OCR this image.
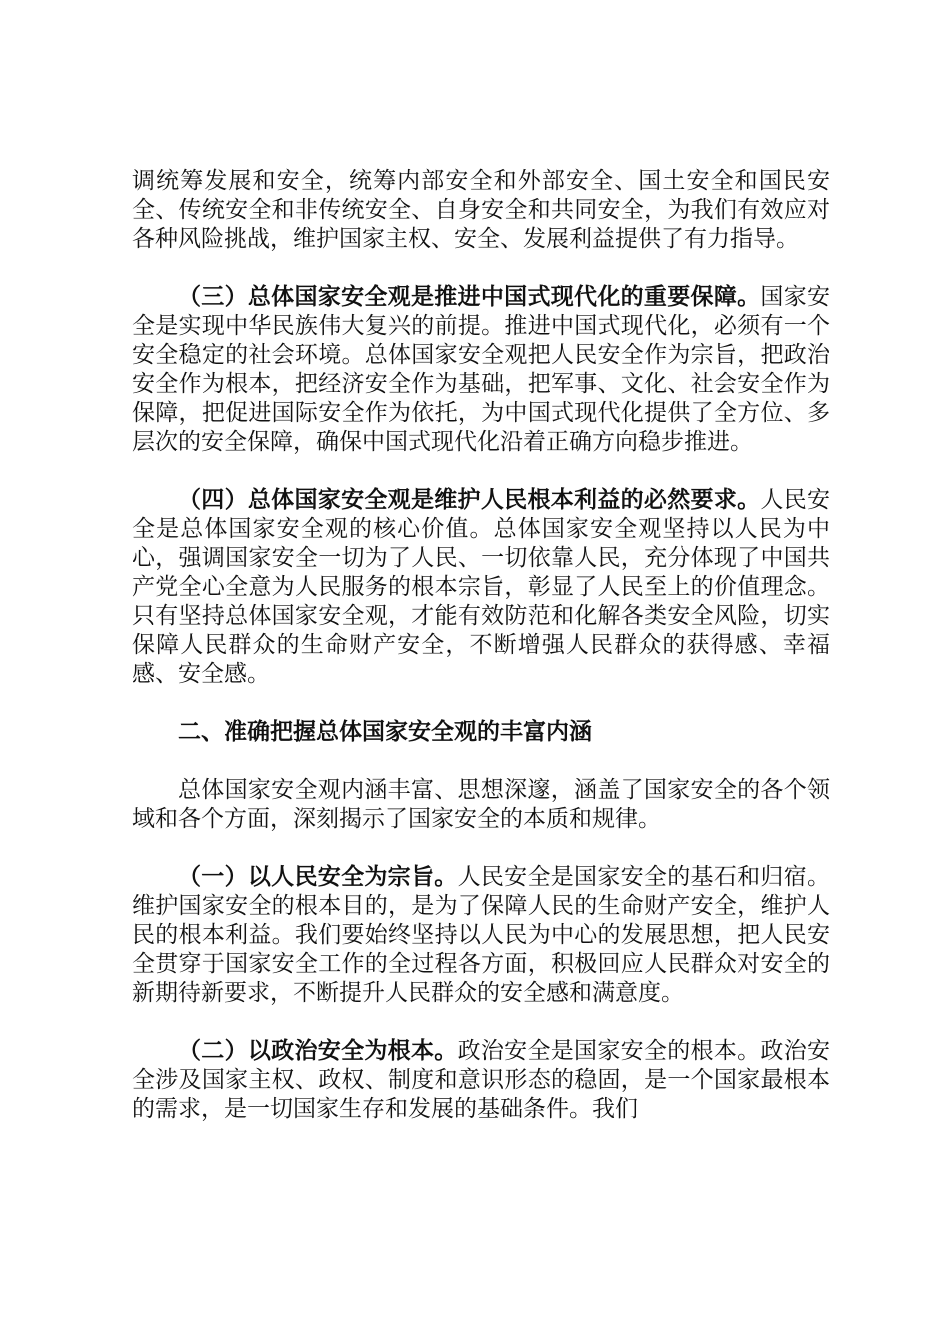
调统筹发展和安全，统筹内部安全和外部安全、国土安全和国民安全、传统安全和非传统安全、自身安全和共同安全，为我们有效应对各种风险挑战，维护国家主权、安全、发展利益提供了有力指导。

（三）总体国家安全观是推进中国式现代化的重要保障。国家安全是实现中华民族伟大复兴的前提。推进中国式现代化，必须有一个安全稳定的社会环境。总体国家安全观把人民安全作为宗旨，把政治安全作为根本，把经济安全作为基础，把军事、文化、社会安全作为保障，把促进国际安全作为依托，为中国式现代化提供了全方位、多层次的安全保障，确保中国式现代化沿着正确方向稳步推进。

（四）总体国家安全观是维护人民根本利益的必然要求。人民安全是总体国家安全观的核心价值。总体国家安全观坚持以人民为中心，强调国家安全一切为了人民、一切依靠人民，充分体现了中国共产党全心全意为人民服务的根本宗旨，彰显了人民至上的价值理念。只有坚持总体国家安全观，才能有效防范和化解各类安全风险，切实保障人民群众的生命财产安全，不断增强人民群众的获得感、幸福感、安全感。

二、准确把握总体国家安全观的丰富内涵

总体国家安全观内涵丰富、思想深邃，涵盖了国家安全的各个领域和各个方面，深刻揭示了国家安全的本质和规律。

（一）以人民安全为宗旨。人民安全是国家安全的基石和归宿。维护国家安全的根本目的，是为了保障人民的生命财产安全，维护人民的根本利益。我们要始终坚持以人民为中心的发展思想，把人民安全贯穿于国家安全工作的全过程各方面，积极回应人民群众对安全的新期待新要求，不断提升人民群众的安全感和满意度。

（二）以政治安全为根本。政治安全是国家安全的根本。政治安全涉及国家主权、政权、制度和意识形态的稳固，是一个国家最根本的需求，是一切国家生存和发展的基础条件。我们
